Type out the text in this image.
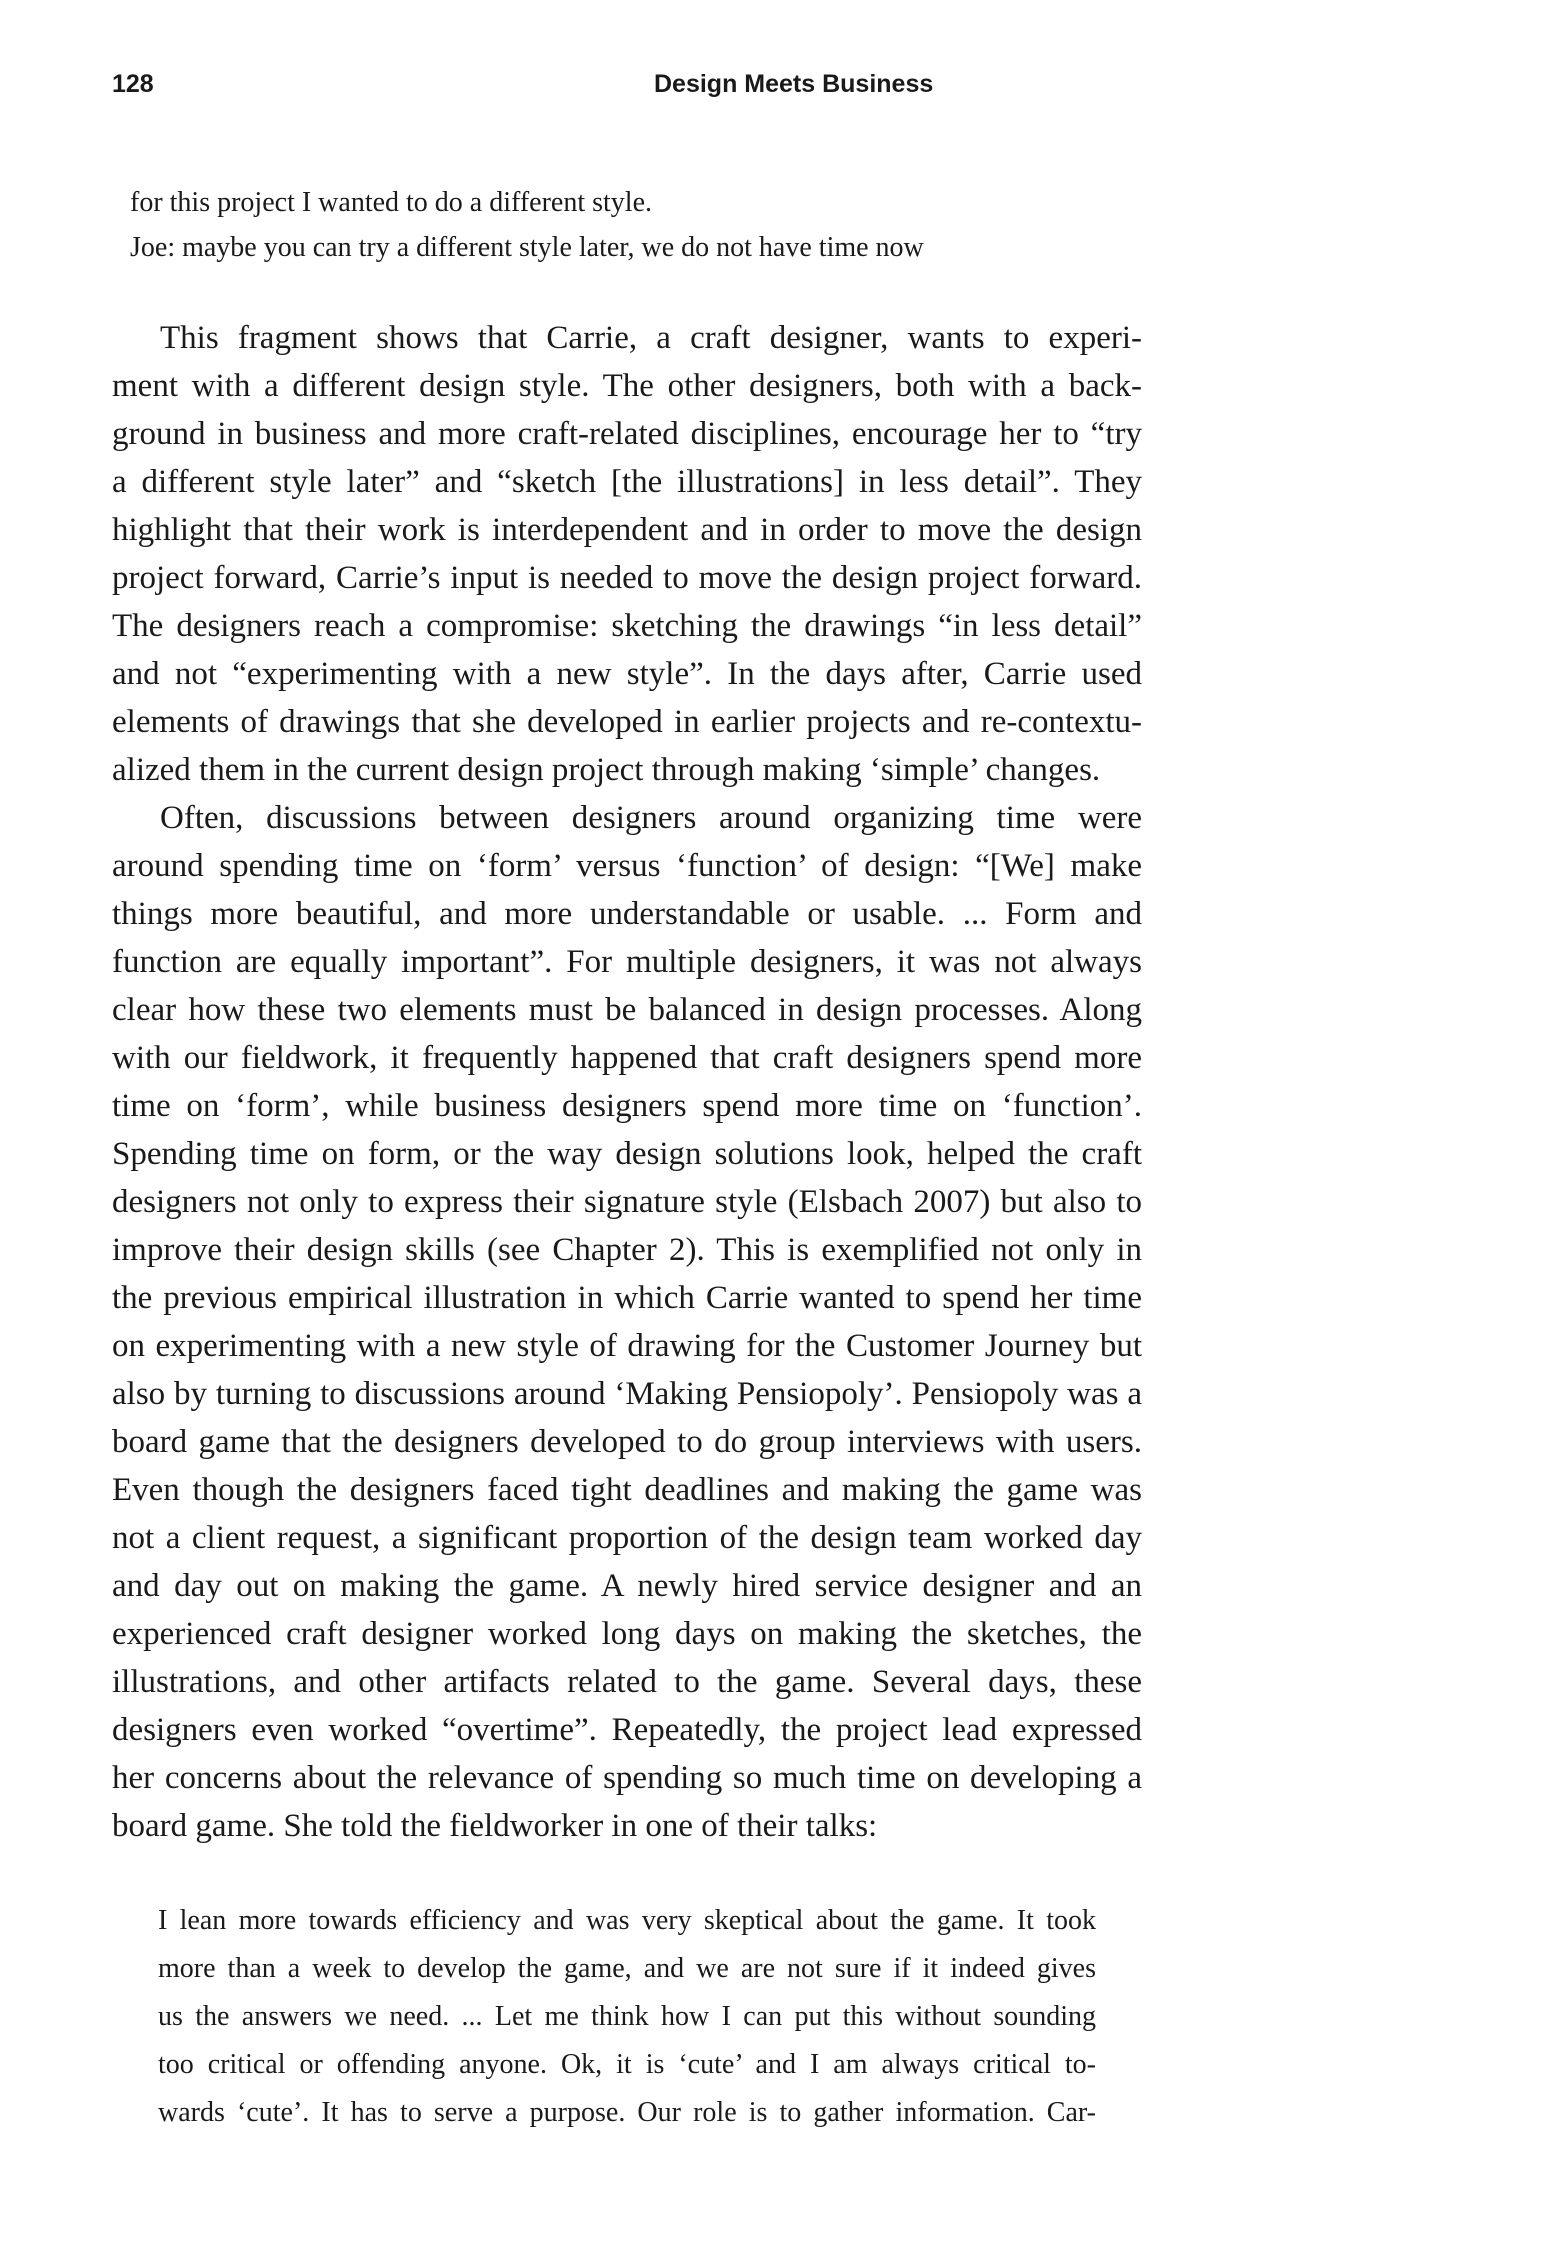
128	Design Meets Business
for this project I wanted to do a different style.
Joe: maybe you can try a different style later, we do not have time now
This fragment shows that Carrie, a craft designer, wants to experi-
ment with a different design style. The other designers, both with a back-
ground in business and more craft-related disciplines, encourage her to “try
a different style later” and “sketch [the illustrations] in less detail”. They
highlight that their work is interdependent and in order to move the design
project forward, Carrie’s input is needed to move the design project forward.
The designers reach a compromise: sketching the drawings “in less detail”
and not “experimenting with a new style”. In the days after, Carrie used
elements of drawings that she developed in earlier projects and re-contextu-
alized them in the current design project through making ‘simple’ changes.
Often, discussions between designers around organizing time were
around spending time on ‘form’ versus ‘function’ of design: “[We] make
things more beautiful, and more understandable or usable. ... Form and
function are equally important”. For multiple designers, it was not always
clear how these two elements must be balanced in design processes. Along
with our fieldwork, it frequently happened that craft designers spend more
time on ‘form’, while business designers spend more time on ‘function’.
Spending time on form, or the way design solutions look, helped the craft
designers not only to express their signature style (Elsbach 2007) but also to
improve their design skills (see Chapter 2). This is exemplified not only in
the previous empirical illustration in which Carrie wanted to spend her time
on experimenting with a new style of drawing for the Customer Journey but
also by turning to discussions around ‘Making Pensiopoly’. Pensiopoly was a
board game that the designers developed to do group interviews with users.
Even though the designers faced tight deadlines and making the game was
not a client request, a significant proportion of the design team worked day
and day out on making the game. A newly hired service designer and an
experienced craft designer worked long days on making the sketches, the
illustrations, and other artifacts related to the game. Several days, these
designers even worked “overtime”. Repeatedly, the project lead expressed
her concerns about the relevance of spending so much time on developing a
board game. She told the fieldworker in one of their talks:
I lean more towards efficiency and was very skeptical about the game. It took
more than a week to develop the game, and we are not sure if it indeed gives
us the answers we need. ... Let me think how I can put this without sounding
too critical or offending anyone. Ok, it is ‘cute’ and I am always critical to-
wards ‘cute’. It has to serve a purpose. Our role is to gather information. Car-
